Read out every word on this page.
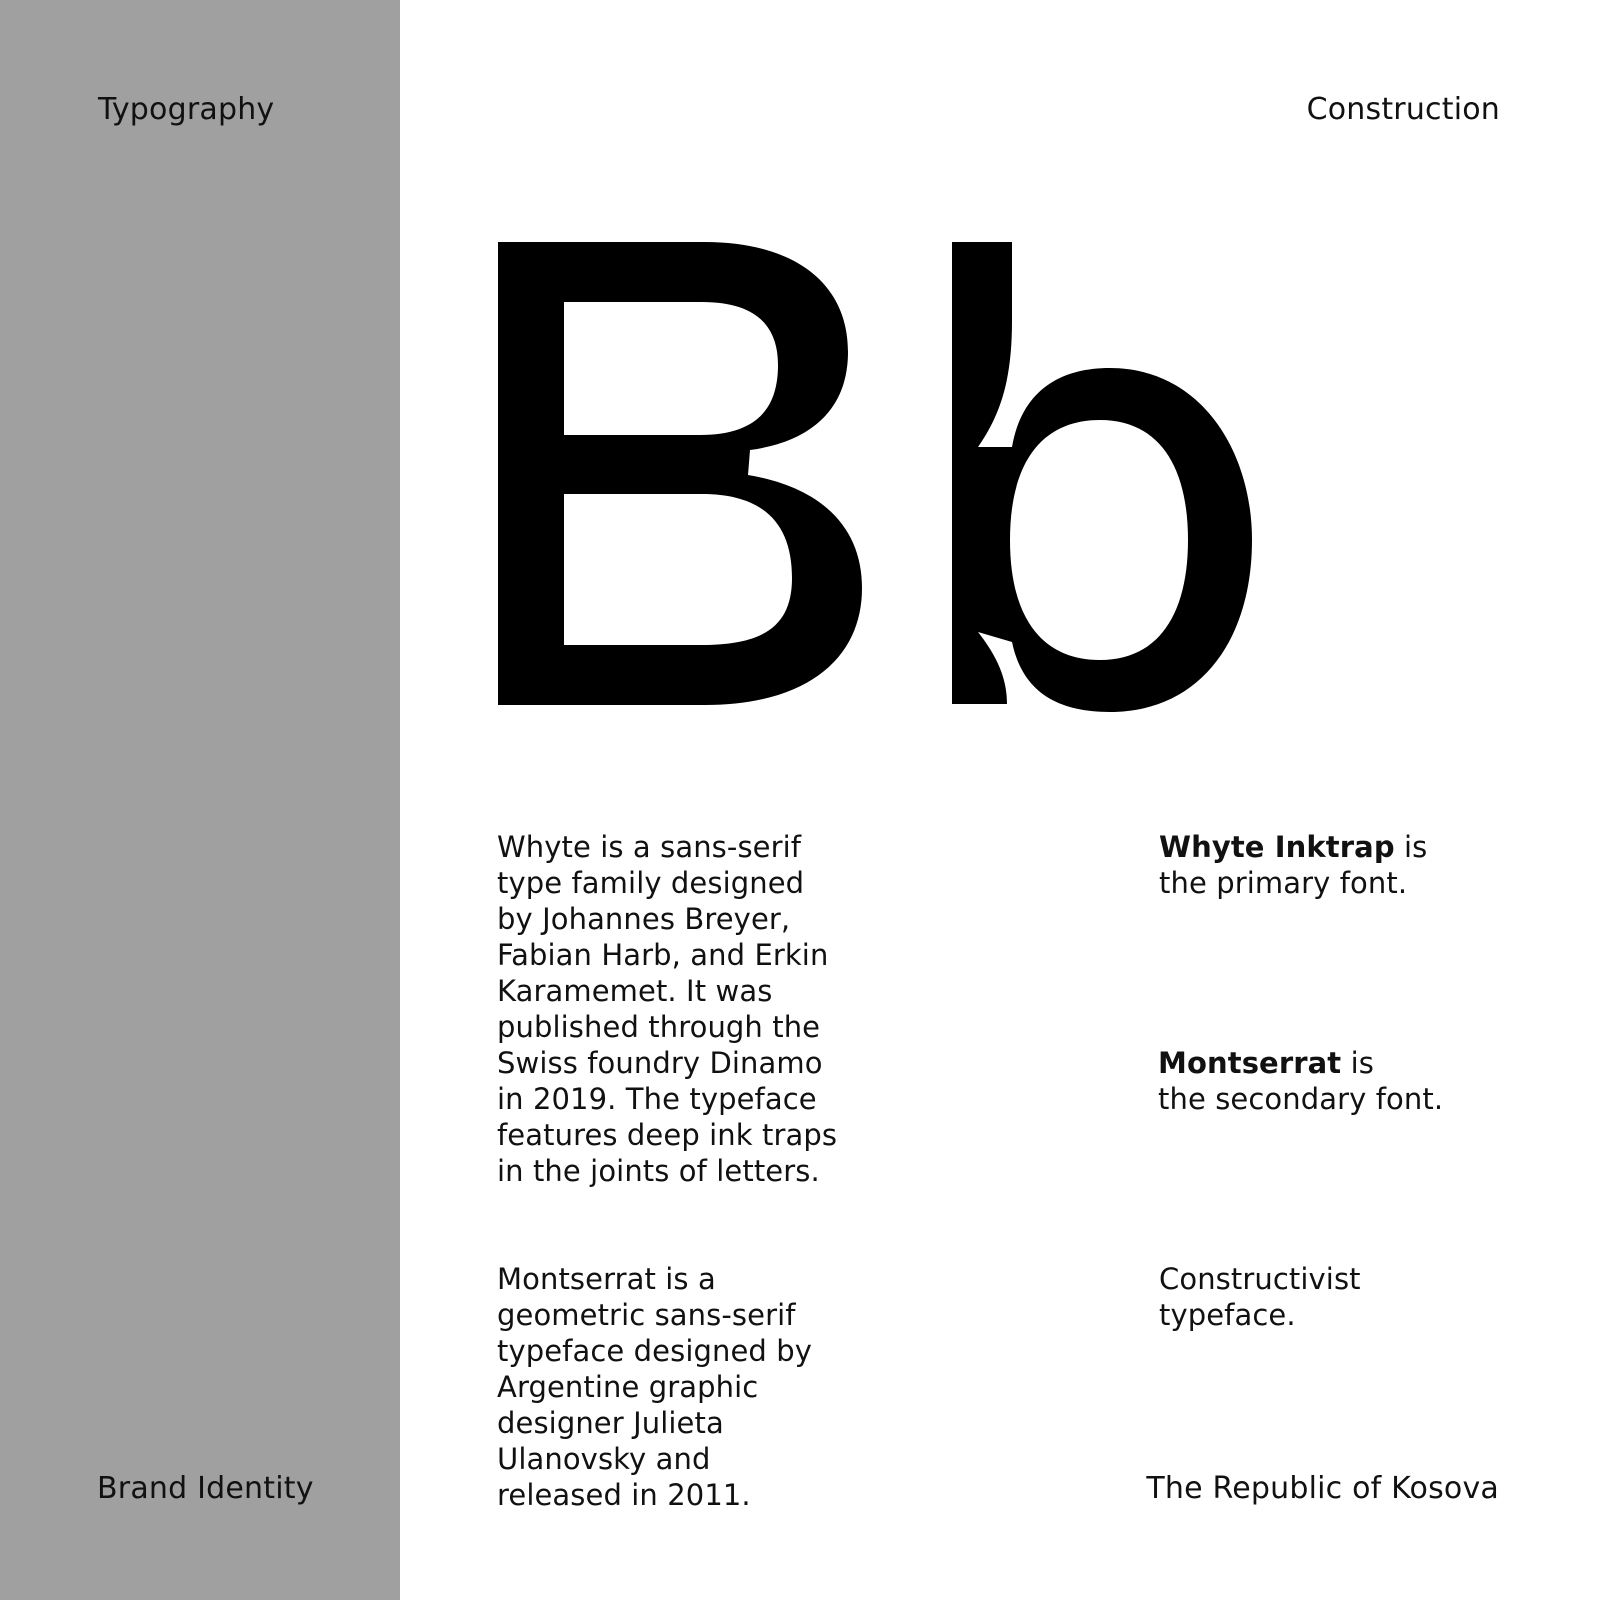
Typography
Brand Identity
Construction

Whyte is a sans-serif

type family designed

by Johannes Breyer,

Fabian Harb, and Erkin

Karamemet. It was

published through the

Swiss foundry Dinamo

in 2019. The typeface

features deep ink traps

in the joints of letters.

Montserrat is a

geometric sans-serif

typeface designed by

Argentine graphic

designer Julieta

Ulanovsky and

released in 2011.

Whyte Inktrap is

the primary font.

Montserrat is

the secondary font.

Constructivist

typeface.

The Republic of Kosova
